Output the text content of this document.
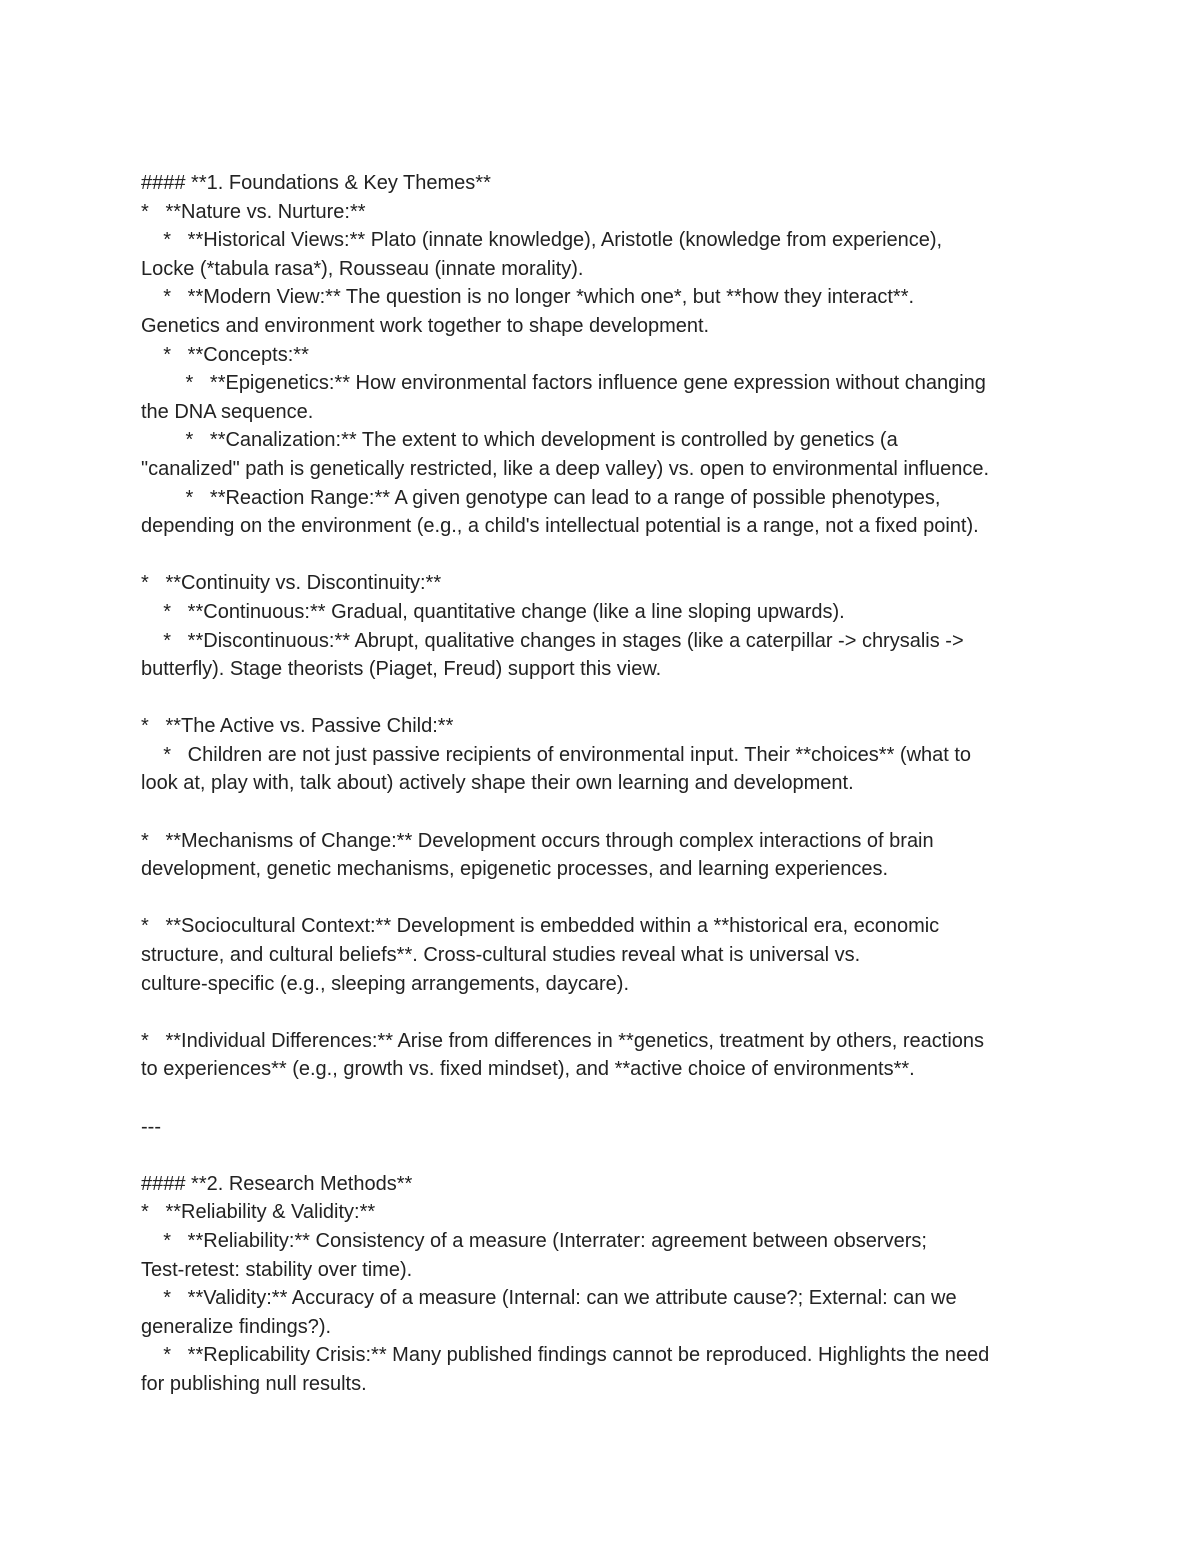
#### **1. Foundations & Key Themes**
*   **Nature vs. Nurture:**
*   **Historical Views:** Plato (innate knowledge), Aristotle (knowledge from experience),
Locke (*tabula rasa*), Rousseau (innate morality).
*   **Modern View:** The question is no longer *which one*, but **how they interact**.
Genetics and environment work together to shape development.
*   **Concepts:**
*   **Epigenetics:** How environmental factors influence gene expression without changing
the DNA sequence.
*   **Canalization:** The extent to which development is controlled by genetics (a
"canalized" path is genetically restricted, like a deep valley) vs. open to environmental influence.
*   **Reaction Range:** A given genotype can lead to a range of possible phenotypes,
depending on the environment (e.g., a child's intellectual potential is a range, not a fixed point).
*   **Continuity vs. Discontinuity:**
*   **Continuous:** Gradual, quantitative change (like a line sloping upwards).
*   **Discontinuous:** Abrupt, qualitative changes in stages (like a caterpillar -> chrysalis ->
butterfly). Stage theorists (Piaget, Freud) support this view.
*   **The Active vs. Passive Child:**
*   Children are not just passive recipients of environmental input. Their **choices** (what to
look at, play with, talk about) actively shape their own learning and development.
*   **Mechanisms of Change:** Development occurs through complex interactions of brain
development, genetic mechanisms, epigenetic processes, and learning experiences.
*   **Sociocultural Context:** Development is embedded within a **historical era, economic
structure, and cultural beliefs**. Cross-cultural studies reveal what is universal vs.
culture-specific (e.g., sleeping arrangements, daycare).
*   **Individual Differences:** Arise from differences in **genetics, treatment by others, reactions
to experiences** (e.g., growth vs. fixed mindset), and **active choice of environments**.
---
#### **2. Research Methods**
*   **Reliability & Validity:**
*   **Reliability:** Consistency of a measure (Interrater: agreement between observers;
Test-retest: stability over time).
*   **Validity:** Accuracy of a measure (Internal: can we attribute cause?; External: can we
generalize findings?).
*   **Replicability Crisis:** Many published findings cannot be reproduced. Highlights the need
for publishing null results.
